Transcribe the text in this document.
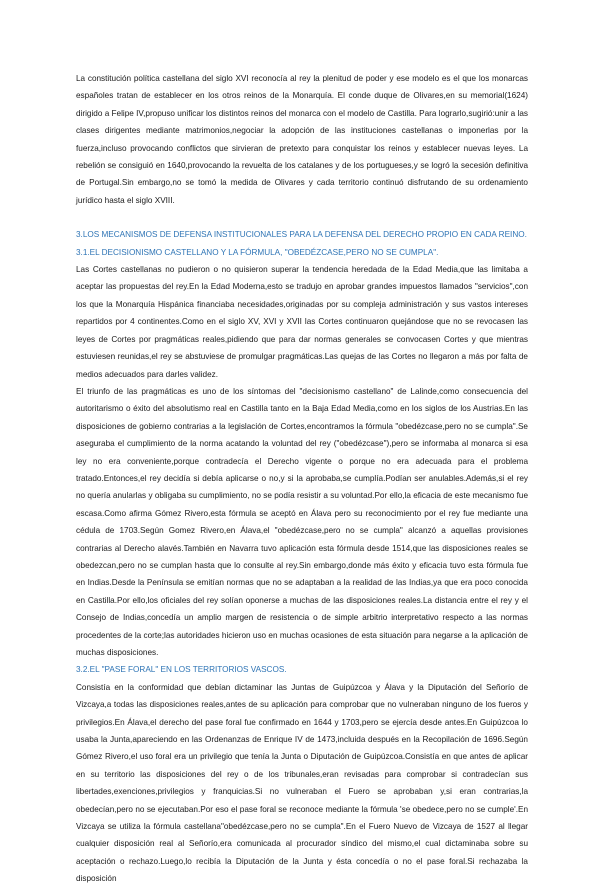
La constitución política castellana del siglo XVI reconocía al rey la plenitud de poder y ese modelo es el que los monarcas españoles tratan de establecer en los otros reinos de la Monarquía. El conde duque de Olivares,en su memorial(1624) dirigido a Felipe IV,propuso unificar los distintos reinos del monarca con el modelo de Castilla. Para lograrlo,sugirió:unir a las clases dirigentes mediante matrimonios,negociar la adopción de las instituciones castellanas o imponerlas por la fuerza,incluso provocando conflictos que sirvieran de pretexto para conquistar los reinos y establecer nuevas leyes. La rebelión se consiguió en 1640,provocando la revuelta de los catalanes y de los portugueses,y se logró la secesión definitiva de Portugal.Sin embargo,no se tomó la medida de Olivares y cada territorio continuó disfrutando de su ordenamiento jurídico hasta el siglo XVIII.

3.LOS MECANISMOS DE DEFENSA INSTITUCIONALES PARA LA DEFENSA DEL DERECHO PROPIO EN CADA REINO.

3.1.EL DECISIONISMO CASTELLANO Y LA FÓRMULA, "OBEDÉZCASE,PERO NO SE CUMPLA".

Las Cortes castellanas no pudieron o no quisieron superar la tendencia heredada de la Edad Media,que las limitaba a aceptar las propuestas del rey.En la Edad Moderna,esto se tradujo en aprobar grandes impuestos llamados "servicios",con los que la Monarquía Hispánica financiaba necesidades,originadas por su compleja administración y sus vastos intereses repartidos por 4 continentes.Como en el siglo XV, XVI y XVII las Cortes continuaron quejándose que no se revocasen las leyes de Cortes por pragmáticas reales,pidiendo que para dar normas generales se convocasen Cortes y que mientras estuviesen reunidas,el rey se abstuviese de promulgar pragmáticas.Las quejas de las Cortes no llegaron a más por falta de medios adecuados para darles validez.

El triunfo de las pragmáticas es uno de los síntomas del "decisionismo castellano" de Lalinde,como consecuencia del autoritarismo o éxito del absolutismo real en Castilla tanto en la Baja Edad Media,como en los siglos de los Austrias.En las disposiciones de gobierno contrarias a la legislación de Cortes,encontramos la fórmula "obedézcase,pero no se cumpla".Se aseguraba el cumplimiento de la norma acatando la voluntad del rey ("obedézcase"),pero se informaba al monarca si esa ley no era conveniente,porque contradecía el Derecho vigente o porque no era adecuada para el problema tratado.Entonces,el rey decidía si debía aplicarse o no,y si la aprobaba,se cumplía.Podían ser anulables.Además,si el rey no quería anularlas y obligaba su cumplimiento, no se podía resistir a su voluntad.Por ello,la eficacia de este mecanismo fue escasa.Como afirma Gómez Rivero,esta fórmula se aceptó en Álava pero su reconocimiento por el rey fue mediante una cédula de 1703.Según Gomez Rivero,en Álava,el "obedézcase,pero no se cumpla" alcanzó a aquellas provisiones contrarias al Derecho alavés.También en Navarra tuvo aplicación esta fórmula desde 1514,que las disposiciones reales se obedezcan,pero no se cumplan hasta que lo consulte al rey.Sin embargo,donde más éxito y eficacia tuvo esta fórmula fue en Indias.Desde la Península se emitían normas que no se adaptaban a la realidad de las Indias,ya que era poco conocida en Castilla.Por ello,los oficiales del rey solían oponerse a muchas de las disposiciones reales.La distancia entre el rey y el Consejo de Indias,concedía un amplio margen de resistencia o de simple arbitrio interpretativo respecto a las normas procedentes de la corte;las autoridades hicieron uso en muchas ocasiones de esta situación para negarse a la aplicación de muchas disposiciones.

3.2.EL "PASE FORAL" EN LOS TERRITORIOS VASCOS.

Consistía en la conformidad que debían dictaminar las Juntas de Guipúzcoa y Álava y la Diputación del Señorío de Vizcaya,a todas las disposiciones reales,antes de su aplicación para comprobar que no vulneraban ninguno de los fueros y privilegios.En Álava,el derecho del pase foral fue confirmado en 1644 y 1703,pero se ejercía desde antes.En Guipúzcoa lo usaba la Junta,apareciendo en las Ordenanzas de Enrique IV de 1473,incluida después en la Recopilación de 1696.Según Gómez Rivero,el uso foral era un privilegio que tenía la Junta o Diputación de Guipúzcoa.Consistía en que antes de aplicar en su territorio las disposiciones del rey o de los tribunales,eran revisadas para comprobar si contradecían sus libertades,exenciones,privilegios y franquicias.Si no vulneraban el Fuero se aprobaban y,si eran contrarias,la obedecían,pero no se ejecutaban.Por eso el pase foral se reconoce mediante la fórmula 'se obedece,pero no se cumple'.En Vizcaya se utiliza la fórmula castellana"obedézcase,pero no se cumpla".En el Fuero Nuevo de Vizcaya de 1527 al llegar cualquier disposición real al Señorío,era comunicada al procurador síndico del mismo,el cual dictaminaba sobre su aceptación o rechazo.Luego,lo recibía la Diputación de la Junta y ésta concedía o no el pase foral.Si rechazaba la disposición
